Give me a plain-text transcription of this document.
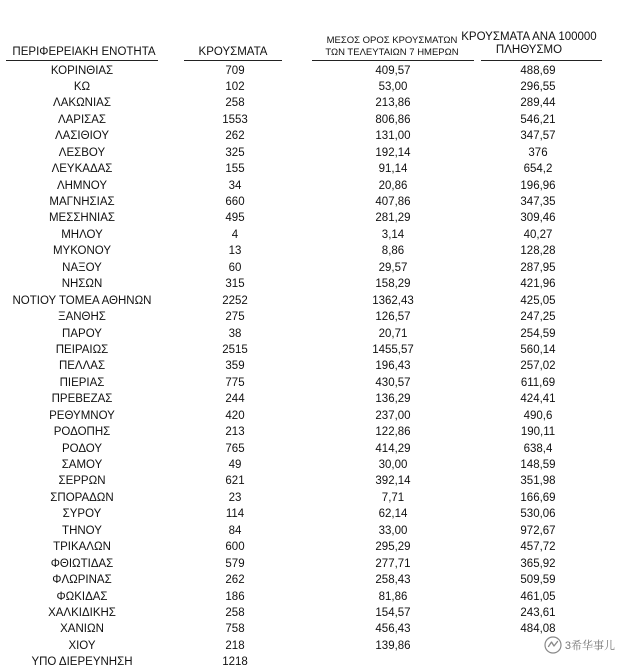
ΠΕΡΙΦΕΡΕΙΑΚΗ ΕΝΟΤΗΤΑ	ΚΡΟΥΣΜΑΤΑ
ΜΕΣΟΣ ΟΡΟΣ ΚΡΟΥΣΜΑΤΩΝ
ΤΩΝ ΤΕΛΕΥΤΑΙΩΝ 7 ΗΜΕΡΩΝ
ΚΡΟΥΣΜΑΤΑ ΑΝΑ 100000
ΠΛΗΘΥΣΜΟ
ΚΟΡΙΝΘΙΑΣ	709	409,57	488,69
ΚΩ	102	53,00	296,55
ΛΑΚΩΝΙΑΣ	258	213,86	289,44
ΛΑΡΙΣΑΣ	1553	806,86	546,21
ΛΑΣΙΘΙΟΥ	262	131,00	347,57
ΛΕΣΒΟΥ	325	192,14	376
ΛΕΥΚΑΔΑΣ	155	91,14	654,2
ΛΗΜΝΟΥ	34	20,86	196,96
ΜΑΓΝΗΣΙΑΣ	660	407,86	347,35
ΜΕΣΣΗΝΙΑΣ	495	281,29	309,46
ΜΗΛΟΥ	4	3,14	40,27
ΜΥΚΟΝΟΥ	13	8,86	128,28
ΝΑΞΟΥ	60	29,57	287,95
ΝΗΣΩΝ	315	158,29	421,96
ΝΟΤΙΟΥ ΤΟΜΕΑ ΑΘΗΝΩΝ	2252	1362,43	425,05
ΞΑΝΘΗΣ	275	126,57	247,25
ΠΑΡΟΥ	38	20,71	254,59
ΠΕΙΡΑΙΩΣ	2515	1455,57	560,14
ΠΕΛΛΑΣ	359	196,43	257,02
ΠΙΕΡΙΑΣ	775	430,57	611,69
ΠΡΕΒΕΖΑΣ	244	136,29	424,41
ΡΕΘΥΜΝΟΥ	420	237,00	490,6
ΡΟΔΟΠΗΣ	213	122,86	190,11
ΡΟΔΟΥ	765	414,29	638,4
ΣΑΜΟΥ	49	30,00	148,59
ΣΕΡΡΩΝ	621	392,14	351,98
ΣΠΟΡΑΔΩΝ	23	7,71	166,69
ΣΥΡΟΥ	114	62,14	530,06
ΤΗΝΟΥ	84	33,00	972,67
ΤΡΙΚΑΛΩΝ	600	295,29	457,72
ΦΘΙΩΤΙΔΑΣ	579	277,71	365,92
ΦΛΩΡΙΝΑΣ	262	258,43	509,59
ΦΩΚΙΔΑΣ	186	81,86	461,05
ΧΑΛΚΙΔΙΚΗΣ	258	154,57	243,61
ΧΑΝΙΩΝ	758	456,43	484,08
ΧΙΟΥ	218	139,86
ΥΠΟ ΔΙΕΡΕΥΝΗΣΗ	1218
3希华事儿
